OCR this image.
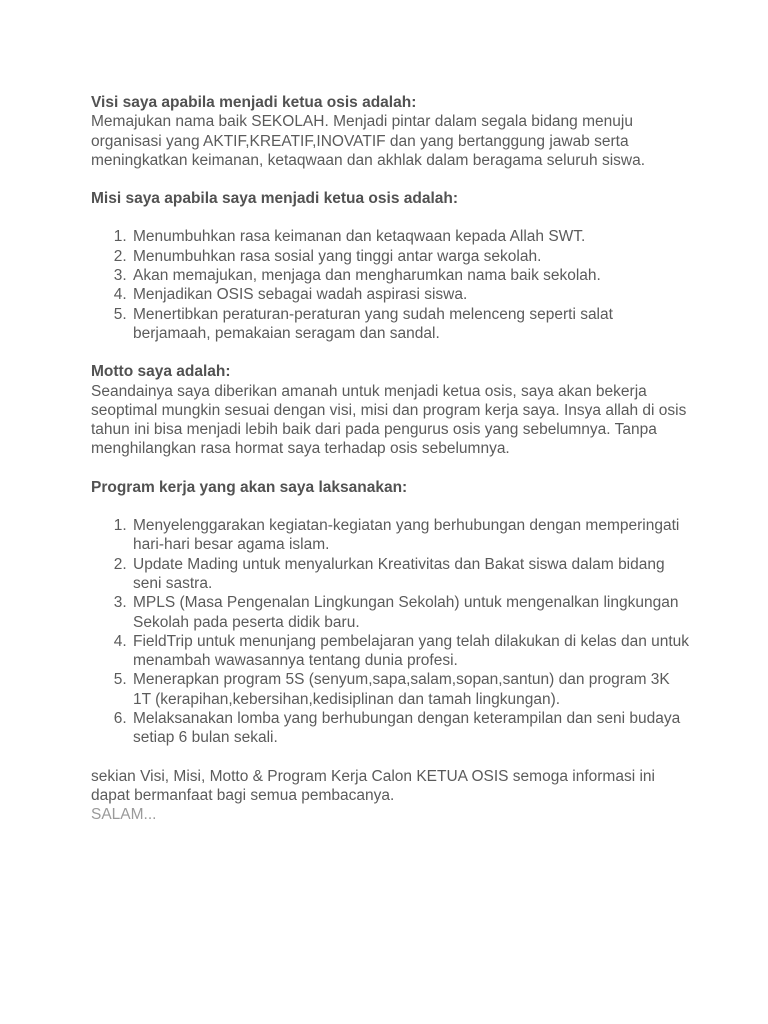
Visi saya apabila menjadi ketua osis adalah:

Memajukan nama baik SEKOLAH. Menjadi pintar dalam segala bidang menuju organisasi yang AKTIF,KREATIF,INOVATIF dan yang bertanggung jawab serta meningkatkan keimanan, ketaqwaan dan akhlak dalam beragama seluruh siswa.

Misi saya apabila saya menjadi ketua osis adalah:

1. Menumbuhkan rasa keimanan dan ketaqwaan kepada Allah SWT.
2. Menumbuhkan rasa sosial yang tinggi antar warga sekolah.
3. Akan memajukan, menjaga dan mengharumkan nama baik sekolah.
4. Menjadikan OSIS sebagai wadah aspirasi siswa.
5. Menertibkan peraturan-peraturan yang sudah melenceng seperti salat berjamaah, pemakaian seragam dan sandal.

Motto saya adalah:

Seandainya saya diberikan amanah untuk menjadi ketua osis, saya akan bekerja seoptimal mungkin sesuai dengan visi, misi dan program kerja saya. Insya allah di osis tahun ini bisa menjadi lebih baik dari pada pengurus osis yang sebelumnya. Tanpa menghilangkan rasa hormat saya terhadap osis sebelumnya.

Program kerja yang akan saya laksanakan:

1. Menyelenggarakan kegiatan-kegiatan yang berhubungan dengan memperingati hari-hari besar agama islam.
2. Update Mading untuk menyalurkan Kreativitas dan Bakat siswa dalam bidang seni sastra.
3. MPLS (Masa Pengenalan Lingkungan Sekolah) untuk mengenalkan lingkungan Sekolah pada peserta didik baru.
4. FieldTrip untuk menunjang pembelajaran yang telah dilakukan di kelas dan untuk menambah wawasannya tentang dunia profesi.
5. Menerapkan program 5S (senyum,sapa,salam,sopan,santun) dan program 3K 1T (kerapihan,kebersihan,kedisiplinan dan tamah lingkungan).
6. Melaksanakan lomba yang berhubungan dengan keterampilan dan seni budaya setiap 6 bulan sekali.

sekian Visi, Misi, Motto & Program Kerja Calon KETUA OSIS semoga informasi ini dapat bermanfaat bagi semua pembacanya.

SALAM...
